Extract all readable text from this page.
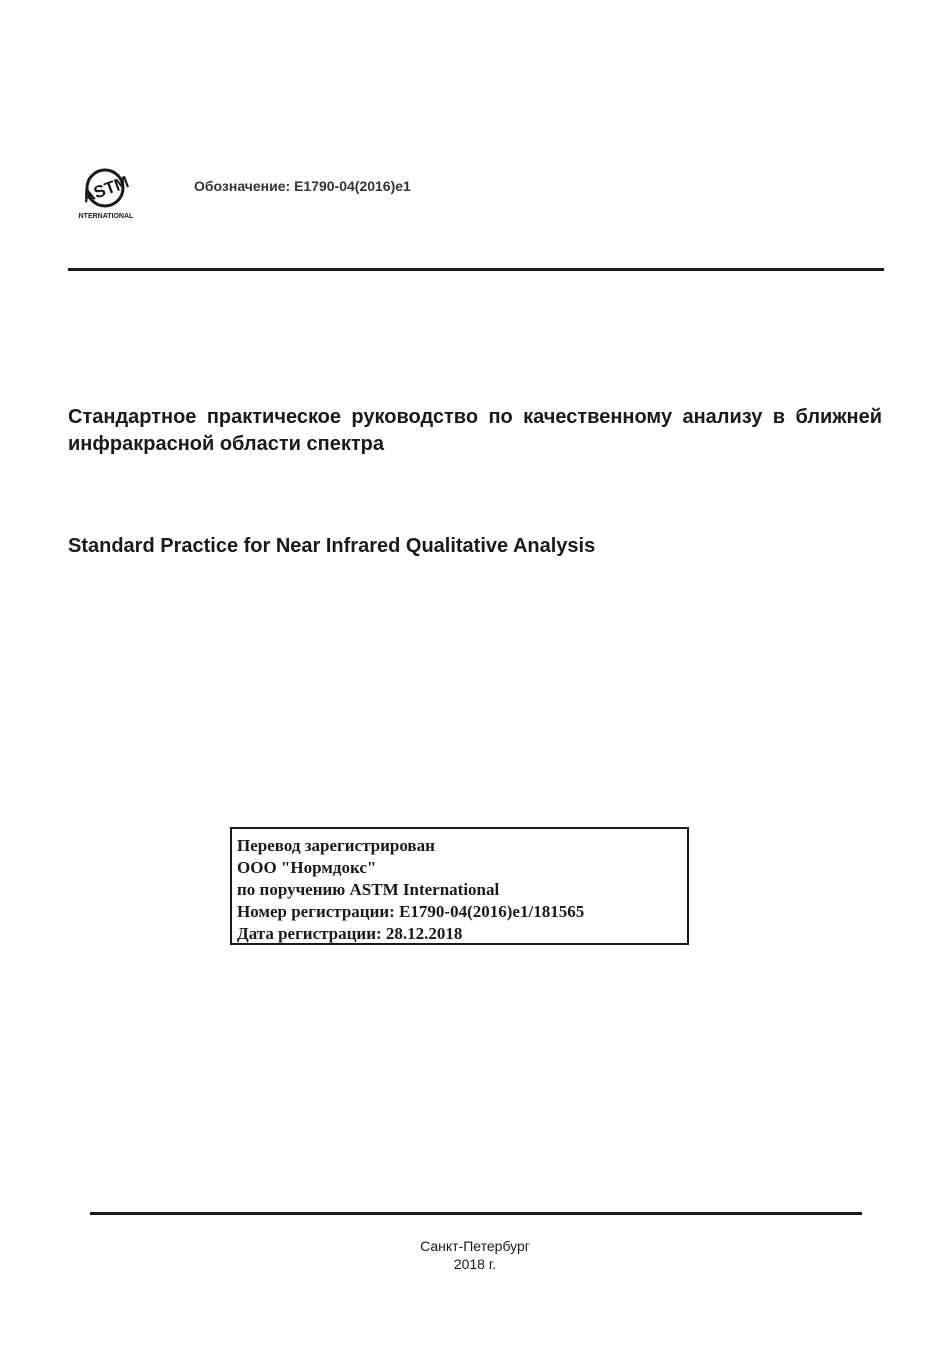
ASTM
INTERNATIONAL
Обозначение: E1790-04(2016)e1
Стандартное практическое руководство по качественному анализу в ближней инфракрасной области спектра
Standard Practice for Near Infrared Qualitative Analysis
Перевод зарегистрирован
ООО "Нормдокс"
по поручению ASTM International
Номер регистрации: E1790-04(2016)e1/181565
Дата регистрации: 28.12.2018
Санкт-Петербург
2018 г.
